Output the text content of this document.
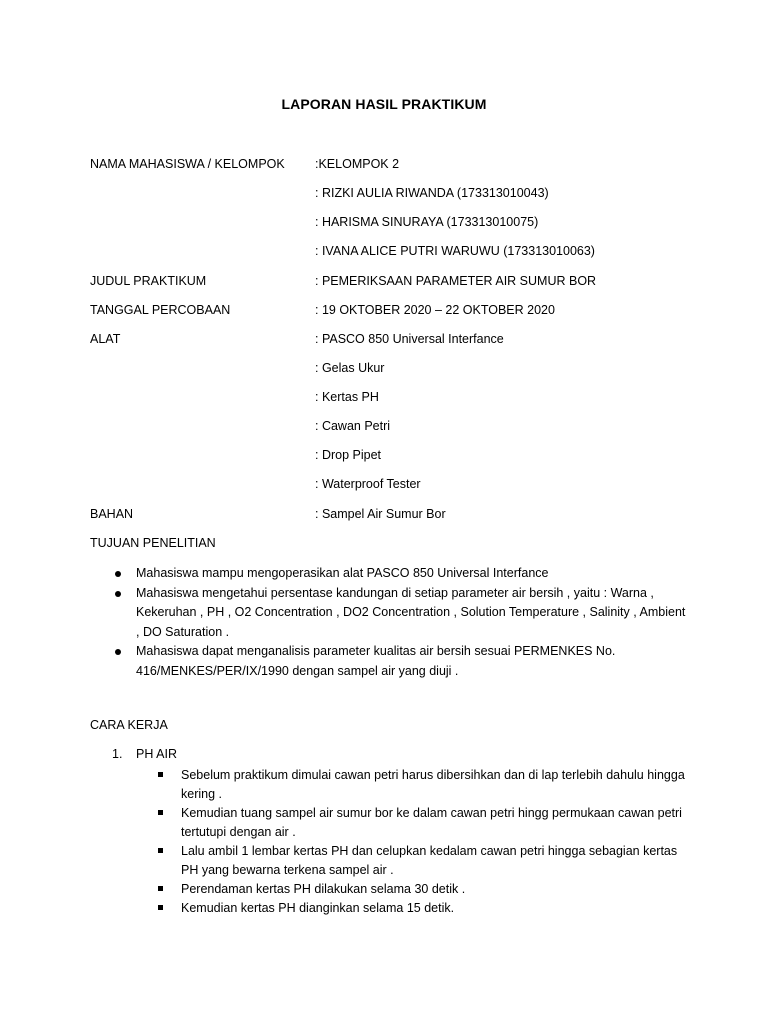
LAPORAN HASIL PRAKTIKUM
NAMA MAHASISWA / KELOMPOK :KELOMPOK 2
: RIZKI AULIA RIWANDA (173313010043)
: HARISMA SINURAYA (173313010075)
: IVANA ALICE PUTRI WARUWU (173313010063)
JUDUL PRAKTIKUM	: PEMERIKSAAN PARAMETER AIR SUMUR BOR
TANGGAL PERCOBAAN	: 19 OKTOBER 2020 – 22 OKTOBER 2020
ALAT	: PASCO 850 Universal Interfance
: Gelas Ukur
: Kertas PH
: Cawan Petri
: Drop Pipet
: Waterproof Tester
BAHAN	: Sampel Air Sumur Bor
TUJUAN PENELITIAN
Mahasiswa mampu mengoperasikan alat PASCO 850 Universal Interfance
Mahasiswa mengetahui persentase kandungan di setiap parameter air bersih , yaitu : Warna , Kekeruhan , PH , O2 Concentration , DO2 Concentration , Solution Temperature , Salinity , Ambient , DO Saturation .
Mahasiswa dapat menganalisis parameter kualitas air bersih sesuai PERMENKES No. 416/MENKES/PER/IX/1990 dengan sampel air yang diuji .
CARA KERJA
1. PH AIR
Sebelum praktikum dimulai cawan petri harus dibersihkan dan di lap terlebih dahulu hingga kering .
Kemudian tuang sampel air sumur bor ke dalam cawan petri hingg permukaan cawan petri tertutupi dengan air .
Lalu ambil 1 lembar kertas PH dan celupkan kedalam cawan petri hingga sebagian kertas PH yang bewarna terkena sampel air .
Perendaman kertas PH dilakukan selama 30 detik .
Kemudian kertas PH dianginkan selama 15 detik.
